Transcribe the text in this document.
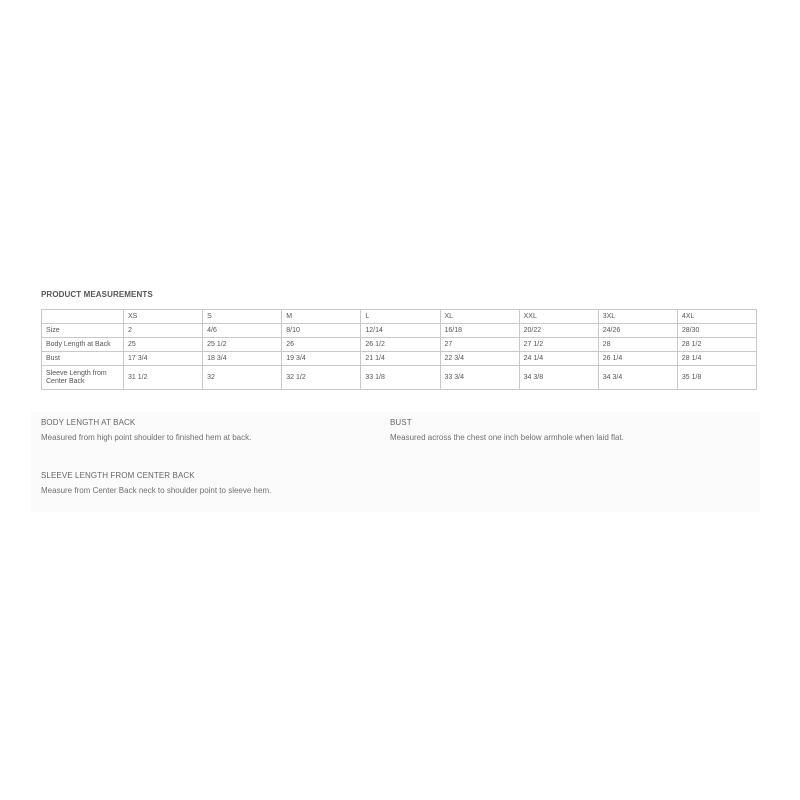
PRODUCT MEASUREMENTS
	XS	S	M	L	XL	XXL	3XL	4XL
Size	2	4/6	8/10	12/14	16/18	20/22	24/26	28/30
Body Length at Back	25	25 1/2	26	26 1/2	27	27 1/2	28	28 1/2
Bust	17 3/4	18 3/4	19 3/4	21 1/4	22 3/4	24 1/4	26 1/4	28 1/4
Sleeve Length from Center Back	31 1/2	32	32 1/2	33 1/8	33 3/4	34 3/8	34 3/4	35 1/8
BODY LENGTH AT BACK
Measured from high point shoulder to finished hem at back.
BUST
Measured across the chest one inch below armhole when laid flat.
SLEEVE LENGTH FROM CENTER BACK
Measure from Center Back neck to shoulder point to sleeve hem.
